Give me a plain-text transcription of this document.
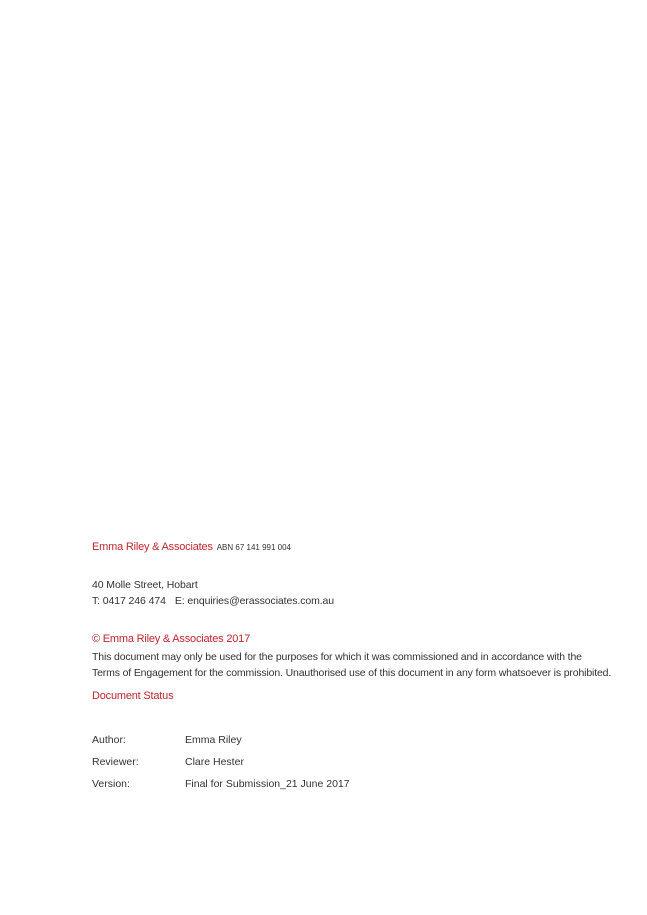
Emma Riley & Associates ABN 67 141 991 004
40 Molle Street, Hobart
T: 0417 246 474 E: enquiries@erassociates.com.au
© Emma Riley & Associates 2017
This document may only be used for the purposes for which it was commissioned and in accordance with the Terms of Engagement for the commission. Unauthorised use of this document in any form whatsoever is prohibited.
Document Status
Author:	Emma Riley
Reviewer:	Clare Hester
Version:	Final for Submission_21 June 2017
